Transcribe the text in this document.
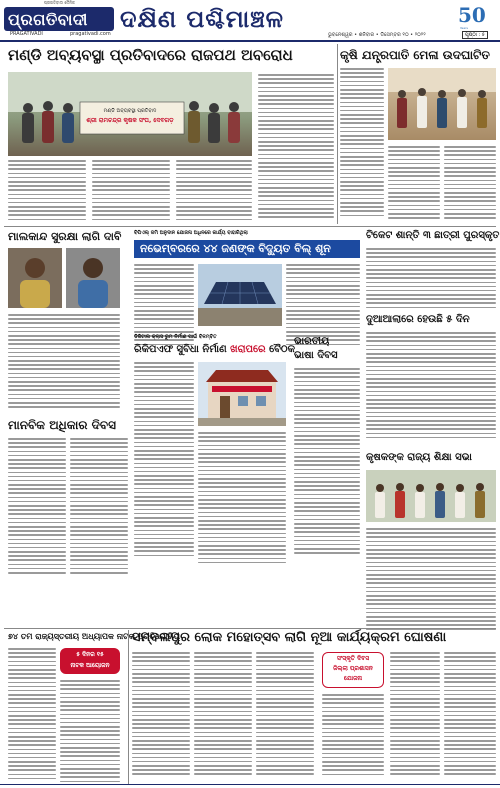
ପ୍ରଗତିବାଦୀ ଦୈନିକ
ପ୍ରଗତିବାଦୀ
PRAGATIVADI	pragativadi.com
ଦକ୍ଷିଣ ପଶ୍ଚିମାଞ୍ଚଳ	50
Years
ଭୁବନେଶ୍ୱର • ଶନିବାର • ଡିସେମ୍ବର ୧୦ • ୨୦୨୨	ପୃଷ୍ଠା : ୫
ମଣ୍ଡି ଅବ୍ୟବସ୍ଥା ପ୍ରତିବାଦରେ ରାଜପଥ ଅବରୋଧ
ମଣ୍ଡି ଅବ୍ୟବସ୍ଥା ପ୍ରତିବାଦ
ଶ୍ରୀ ରାମଚନ୍ଦ୍ର କୃଷକ ସଂଘ, ଦେବଗଡ଼
କୃଷି ଯନ୍ତ୍ରପାତି ମେଳା ଉଦଘାଟିତ
ମାଲକାନ୍ଦ ସୁରକ୍ଷା ଲାଗି ଦାବି	ବିପିଏଲ୍ ଜମି ଅନୁଦାନ ଯୋଜନା ଅଧିନରେ କାର୍ଯ୍ୟ ବାହାରିଥିଲା
ନଭେମ୍ବରରେ ୪୪ ଜଣଙ୍କ ବିଦ୍ୟୁତ ବିଲ୍ ଶୂନ
ଟିକେଟ ଶାନ୍ତି ୩ ଛାତ୍ରୀ ପୁରସ୍କୃତ
ଦୁଆଆଲାରେ ହେଉଛି ୫ ଦିନ
ଡିଜିଟାଲ କ୍ଲାସ ରୁମ ନିର୍ମାଣ ପାଇଁ ବିଳମ୍ବିତ
ରିକିପଏଫ ସୁବିଧା ନିର୍ମାଣ ଖରାପରେ ବୈଠକ
ଭାରତୀୟ
ଭାଷା ଦିବସ
ମାନବିକ ଅଧିକାର ଦିବସ
କୃଷକଙ୍କ ରାଜ୍ୟ ଶିକ୍ଷା ସଭା
୭୪ ତମ ରାଜ୍ୟସ୍ତରୀୟ ଅଧ୍ୟାପକ ନାଟକ ପ୍ରତିଯୋଗିତା
୫ ଦିନର ୧୫
ନାଟକ ଆୟୋଜନ
ସମ୍ବଲପୁର ଲୋକ ମହୋତ୍ସବ ଲାଗି ନୂଆ କାର୍ଯ୍ୟକ୍ରମ ଘୋଷଣା
ସଂସ୍କୃତି ଦିବସ
ଜିଲ୍ଲା ପ୍ରଶାସନ
ଯୋଜନା
